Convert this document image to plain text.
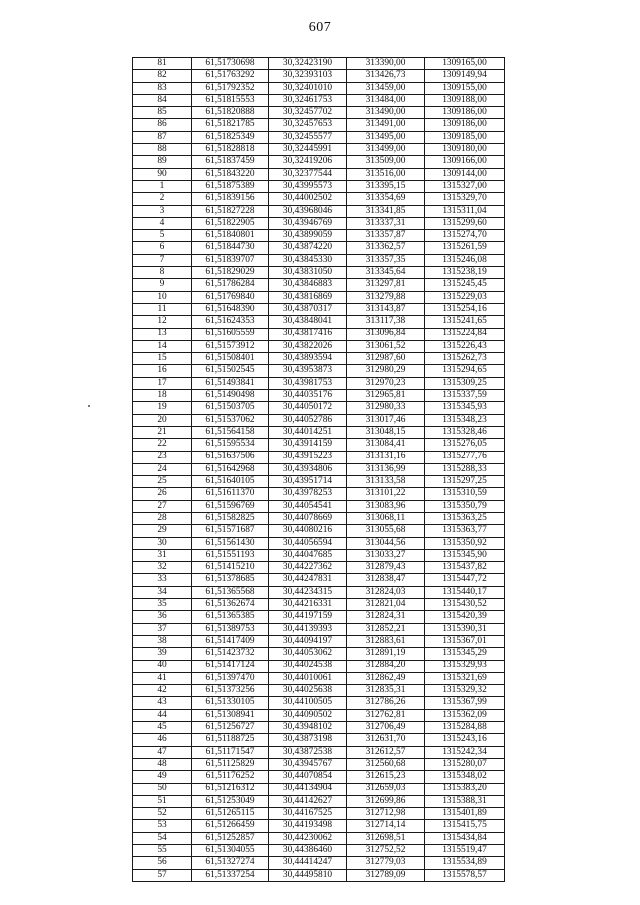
607
81	61,51730698	30,32423190	313390,00	1309165,00
82	61,51763292	30,32393103	313426,73	1309149,94
83	61,51792352	30,32401010	313459,00	1309155,00
84	61,51815553	30,32461753	313484,00	1309188,00
85	61,51820888	30,32457702	313490,00	1309186,00
86	61,51821785	30,32457653	313491,00	1309186,00
87	61,51825349	30,32455577	313495,00	1309185,00
88	61,51828818	30,32445991	313499,00	1309180,00
89	61,51837459	30,32419206	313509,00	1309166,00
90	61,51843220	30,32377544	313516,00	1309144,00
1	61,51875389	30,43995573	313395,15	1315327,00
2	61,51839156	30,44002502	313354,69	1315329,70
3	61,51827228	30,43968046	313341,85	1315311,04
4	61,51822905	30,43946769	313337,31	1315299,60
5	61,51840801	30,43899059	313357,87	1315274,70
6	61,51844730	30,43874220	313362,57	1315261,59
7	61,51839707	30,43845330	313357,35	1315246,08
8	61,51829029	30,43831050	313345,64	1315238,19
9	61,51786284	30,43846883	313297,81	1315245,45
10	61,51769840	30,43816869	313279,88	1315229,03
11	61,51648390	30,43870317	313143,87	1315254,16
12	61,51624353	30,43848041	313117,38	1315241,65
13	61,51605559	30,43817416	313096,84	1315224,84
14	61,51573912	30,43822026	313061,52	1315226,43
15	61,51508401	30,43893594	312987,60	1315262,73
16	61,51502545	30,43953873	312980,29	1315294,65
17	61,51493841	30,43981753	312970,23	1315309,25
18	61,51490498	30,44035176	312965,81	1315337,59
19	61,51503705	30,44050172	312980,33	1315345,93
20	61,51537062	30,44052786	313017,46	1315348,23
21	61,51564158	30,44014251	313048,15	1315328,46
22	61,51595534	30,43914159	313084,41	1315276,05
23	61,51637506	30,43915223	313131,16	1315277,76
24	61,51642968	30,43934806	313136,99	1315288,33
25	61,51640105	30,43951714	313133,58	1315297,25
26	61,51611370	30,43978253	313101,22	1315310,59
27	61,51596769	30,44054541	313083,96	1315350,79
28	61,51582825	30,44078669	313068,11	1315363,25
29	61,51571687	30,44080216	313055,68	1315363,77
30	61,51561430	30,44056594	313044,56	1315350,92
31	61,51551193	30,44047685	313033,27	1315345,90
32	61,51415210	30,44227362	312879,43	1315437,82
33	61,51378685	30,44247831	312838,47	1315447,72
34	61,51365568	30,44234315	312824,03	1315440,17
35	61,51362674	30,44216331	312821,04	1315430,52
36	61,51365385	30,44197159	312824,31	1315420,39
37	61,51389753	30,44139393	312852,21	1315390,31
38	61,51417409	30,44094197	312883,61	1315367,01
39	61,51423732	30,44053062	312891,19	1315345,29
40	61,51417124	30,44024538	312884,20	1315329,93
41	61,51397470	30,44010061	312862,49	1315321,69
42	61,51373256	30,44025638	312835,31	1315329,32
43	61,51330105	30,44100505	312786,26	1315367,99
44	61,51308941	30,44090502	312762,81	1315362,09
45	61,51256727	30,43948102	312706,49	1315284,88
46	61,51188725	30,43873198	312631,70	1315243,16
47	61,51171547	30,43872538	312612,57	1315242,34
48	61,51125829	30,43945767	312560,68	1315280,07
49	61,51176252	30,44070854	312615,23	1315348,02
50	61,51216312	30,44134904	312659,03	1315383,20
51	61,51253049	30,44142627	312699,86	1315388,31
52	61,51265115	30,44167525	312712,98	1315401,89
53	61,51266459	30,44193498	312714,14	1315415,75
54	61,51252857	30,44230062	312698,51	1315434,84
55	61,51304055	30,44386460	312752,52	1315519,47
56	61,51327274	30,44414247	312779,03	1315534,89
57	61,51337254	30,44495810	312789,09	1315578,57
